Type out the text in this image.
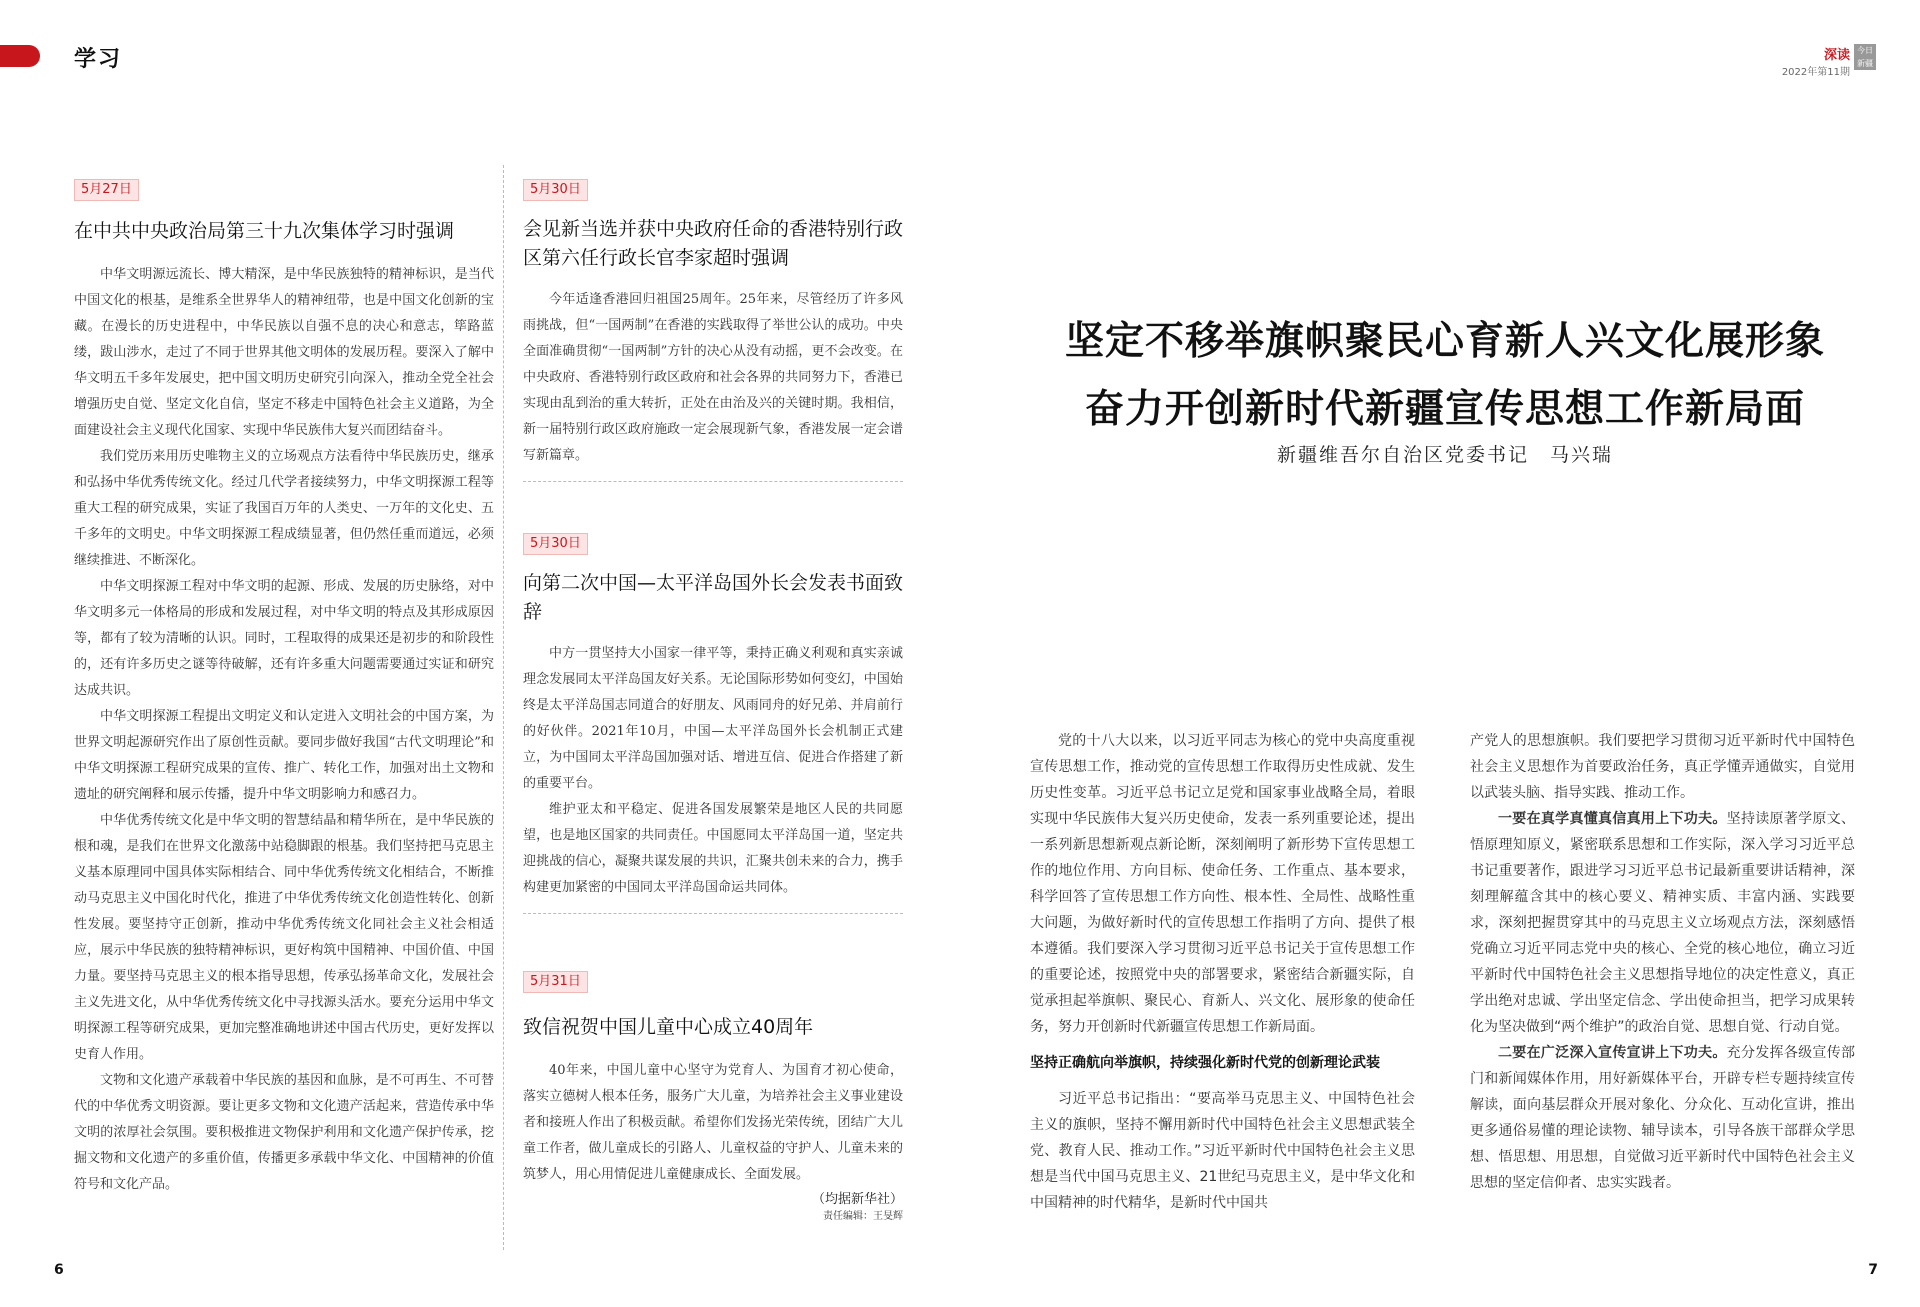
学习	深读
2022年第11期
今日 新疆
5月27日
在中共中央政治局第三十九次集体学习时强调

中华文明源远流长、博大精深，是中华民族独特的精神标识，是当代中国文化的根基，是维系全世界华人的精神纽带，也是中国文化创新的宝藏。在漫长的历史进程中，中华民族以自强不息的决心和意志，筚路蓝缕，跋山涉水，走过了不同于世界其他文明体的发展历程。要深入了解中华文明五千多年发展史，把中国文明历史研究引向深入，推动全党全社会增强历史自觉、坚定文化自信，坚定不移走中国特色社会主义道路，为全面建设社会主义现代化国家、实现中华民族伟大复兴而团结奋斗。

我们党历来用历史唯物主义的立场观点方法看待中华民族历史，继承和弘扬中华优秀传统文化。经过几代学者接续努力，中华文明探源工程等重大工程的研究成果，实证了我国百万年的人类史、一万年的文化史、五千多年的文明史。中华文明探源工程成绩显著，但仍然任重而道远，必须继续推进、不断深化。

中华文明探源工程对中华文明的起源、形成、发展的历史脉络，对中华文明多元一体格局的形成和发展过程，对中华文明的特点及其形成原因等，都有了较为清晰的认识。同时，工程取得的成果还是初步的和阶段性的，还有许多历史之谜等待破解，还有许多重大问题需要通过实证和研究达成共识。

中华文明探源工程提出文明定义和认定进入文明社会的中国方案，为世界文明起源研究作出了原创性贡献。要同步做好我国“古代文明理论”和中华文明探源工程研究成果的宣传、推广、转化工作，加强对出土文物和遗址的研究阐释和展示传播，提升中华文明影响力和感召力。

中华优秀传统文化是中华文明的智慧结晶和精华所在，是中华民族的根和魂，是我们在世界文化激荡中站稳脚跟的根基。我们坚持把马克思主义基本原理同中国具体实际相结合、同中华优秀传统文化相结合，不断推动马克思主义中国化时代化，推进了中华优秀传统文化创造性转化、创新性发展。要坚持守正创新，推动中华优秀传统文化同社会主义社会相适应，展示中华民族的独特精神标识，更好构筑中国精神、中国价值、中国力量。要坚持马克思主义的根本指导思想，传承弘扬革命文化，发展社会主义先进文化，从中华优秀传统文化中寻找源头活水。要充分运用中华文明探源工程等研究成果，更加完整准确地讲述中国古代历史，更好发挥以史育人作用。

文物和文化遗产承载着中华民族的基因和血脉，是不可再生、不可替代的中华优秀文明资源。要让更多文物和文化遗产活起来，营造传承中华文明的浓厚社会氛围。要积极推进文物保护利用和文化遗产保护传承，挖掘文物和文化遗产的多重价值，传播更多承载中华文化、中国精神的价值符号和文化产品。

5月30日
会见新当选并获中央政府任命的香港特别行政区第六任行政长官李家超时强调

今年适逢香港回归祖国25周年。25年来，尽管经历了许多风雨挑战，但“一国两制”在香港的实践取得了举世公认的成功。中央全面准确贯彻“一国两制”方针的决心从没有动摇，更不会改变。在中央政府、香港特别行政区政府和社会各界的共同努力下，香港已实现由乱到治的重大转折，正处在由治及兴的关键时期。我相信，新一届特别行政区政府施政一定会展现新气象，香港发展一定会谱写新篇章。

5月30日
向第二次中国—太平洋岛国外长会发表书面致辞

中方一贯坚持大小国家一律平等，秉持正确义利观和真实亲诚理念发展同太平洋岛国友好关系。无论国际形势如何变幻，中国始终是太平洋岛国志同道合的好朋友、风雨同舟的好兄弟、并肩前行的好伙伴。2021年10月，中国—太平洋岛国外长会机制正式建立，为中国同太平洋岛国加强对话、增进互信、促进合作搭建了新的重要平台。

维护亚太和平稳定、促进各国发展繁荣是地区人民的共同愿望，也是地区国家的共同责任。中国愿同太平洋岛国一道，坚定共迎挑战的信心，凝聚共谋发展的共识，汇聚共创未来的合力，携手构建更加紧密的中国同太平洋岛国命运共同体。

5月31日
致信祝贺中国儿童中心成立40周年

40年来，中国儿童中心坚守为党育人、为国育才初心使命，落实立德树人根本任务，服务广大儿童，为培养社会主义事业建设者和接班人作出了积极贡献。希望你们发扬光荣传统，团结广大儿童工作者，做儿童成长的引路人、儿童权益的守护人、儿童未来的筑梦人，用心用情促进儿童健康成长、全面发展。

（均据新华社）
责任编辑：王旻辉
6	7
坚定不移举旗帜聚民心育新人兴文化展形象
奋力开创新时代新疆宣传思想工作新局面
新疆维吾尔自治区党委书记　马兴瑞

党的十八大以来，以习近平同志为核心的党中央高度重视宣传思想工作，推动党的宣传思想工作取得历史性成就、发生历史性变革。习近平总书记立足党和国家事业战略全局，着眼实现中华民族伟大复兴历史使命，发表一系列重要论述，提出一系列新思想新观点新论断，深刻阐明了新形势下宣传思想工作的地位作用、方向目标、使命任务、工作重点、基本要求，科学回答了宣传思想工作方向性、根本性、全局性、战略性重大问题，为做好新时代的宣传思想工作指明了方向、提供了根本遵循。我们要深入学习贯彻习近平总书记关于宣传思想工作的重要论述，按照党中央的部署要求，紧密结合新疆实际，自觉承担起举旗帜、聚民心、育新人、兴文化、展形象的使命任务，努力开创新时代新疆宣传思想工作新局面。

坚持正确航向举旗帜，持续强化新时代党的创新理论武装

习近平总书记指出：“要高举马克思主义、中国特色社会主义的旗帜，坚持不懈用新时代中国特色社会主义思想武装全党、教育人民、推动工作。”习近平新时代中国特色社会主义思想是当代中国马克思主义、21世纪马克思主义，是中华文化和中国精神的时代精华，是新时代中国共

产党人的思想旗帜。我们要把学习贯彻习近平新时代中国特色社会主义思想作为首要政治任务，真正学懂弄通做实，自觉用以武装头脑、指导实践、推动工作。

一要在真学真懂真信真用上下功夫。坚持读原著学原文、悟原理知原义，紧密联系思想和工作实际，深入学习习近平总书记重要著作，跟进学习习近平总书记最新重要讲话精神，深刻理解蕴含其中的核心要义、精神实质、丰富内涵、实践要求，深刻把握贯穿其中的马克思主义立场观点方法，深刻感悟党确立习近平同志党中央的核心、全党的核心地位，确立习近平新时代中国特色社会主义思想指导地位的决定性意义，真正学出绝对忠诚、学出坚定信念、学出使命担当，把学习成果转化为坚决做到“两个维护”的政治自觉、思想自觉、行动自觉。

二要在广泛深入宣传宣讲上下功夫。充分发挥各级宣传部门和新闻媒体作用，用好新媒体平台，开辟专栏专题持续宣传解读，面向基层群众开展对象化、分众化、互动化宣讲，推出更多通俗易懂的理论读物、辅导读本，引导各族干部群众学思想、悟思想、用思想，自觉做习近平新时代中国特色社会主义思想的坚定信仰者、忠实实践者。
